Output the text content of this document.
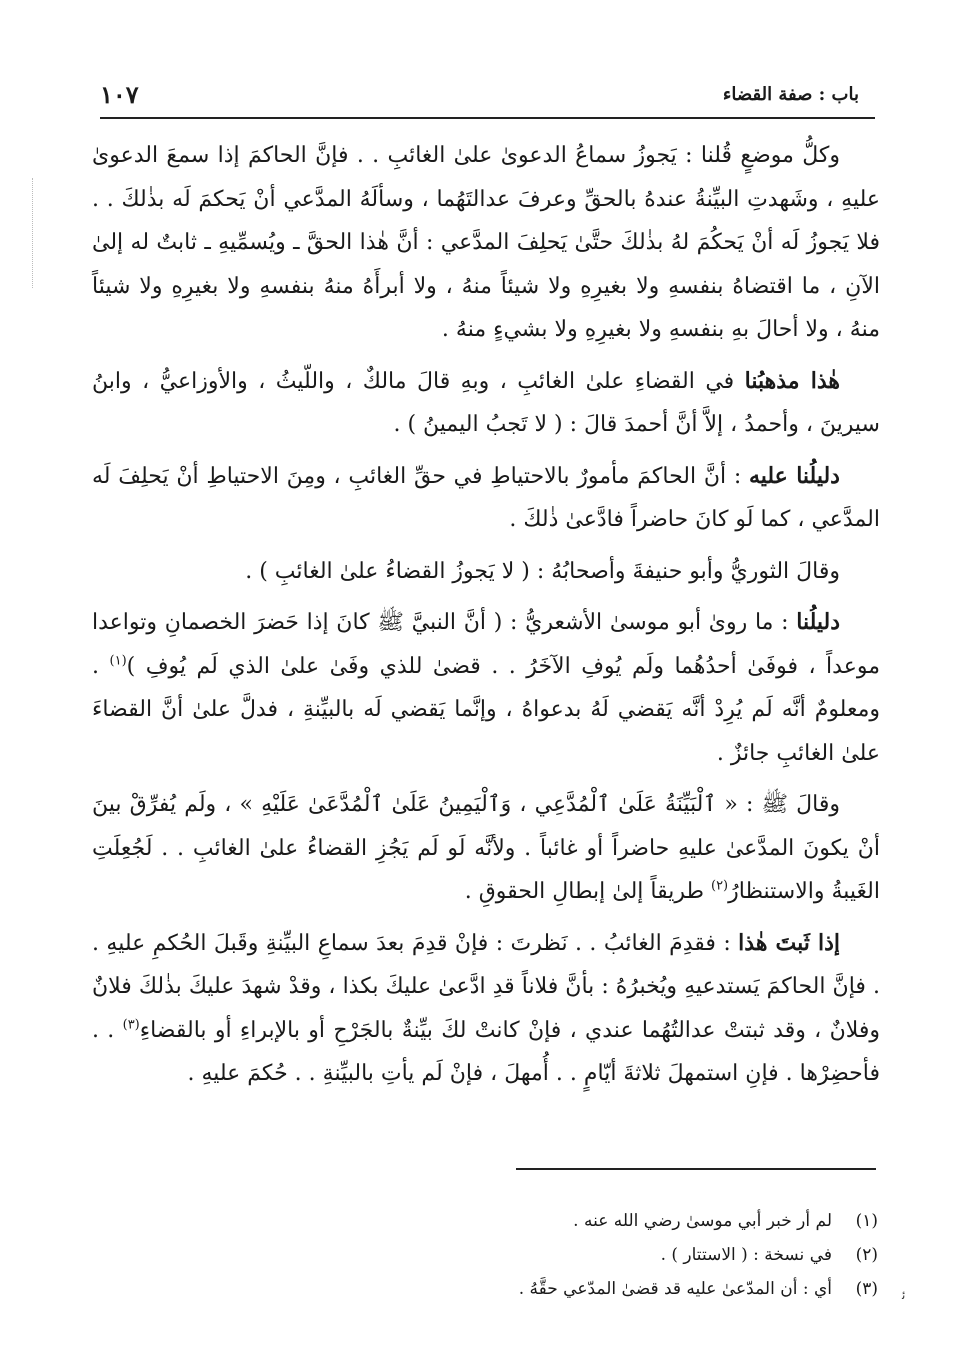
باب : صفة القضاء
١٠٧

وكلُّ موضعٍ قُلنا : يَجوزُ سماعُ الدعوىٰ علىٰ الغائبِ . . فإنَّ الحاكمَ إذا سمعَ الدعوىٰ عليهِ ، وشَهدتِ البيِّنةُ عندهُ بالحقِّ وعرفَ عدالتَهُما ، وسألَهُ المدَّعي أنْ يَحكمَ لَه بذٰلكَ . . فلا يَجوزُ لَه أنْ يَحكُمَ لهُ بذٰلكَ حتَّىٰ يَحلِفَ المدَّعي : أنَّ هٰذا الحقَّ ـ ويُسمِّيهِ ـ ثابتٌ له إلىٰ الآنِ ، ما اقتضاهُ بنفسهِ ولا بغيرِهِ ولا شيئاً منهُ ، ولا أبرأَهُ منهُ بنفسهِ ولا بغيرِهِ ولا شيئاً منهُ ، ولا أحالَ بهِ بنفسهِ ولا بغيرِهِ ولا بشيءٍ منهُ .

هٰذا مذهبُنا في القضاءِ علىٰ الغائبِ ، وبهِ قالَ مالكٌ ، واللّيثُ ، والأوزاعيُّ ، وابنُ سيرينَ ، وأحمدُ ، إلاَّ أنَّ أحمدَ قالَ : ( لا تَجبُ اليمينُ ) .

دليلُنا عليه : أنَّ الحاكمَ مأمورٌ بالاحتياطِ في حقِّ الغائبِ ، ومِنَ الاحتياطِ أنْ يَحلِفَ لَه المدَّعي ، كما لَو كانَ حاضراً فادَّعىٰ ذٰلكَ .

وقالَ الثوريُّ وأبو حنيفةَ وأصحابُهُ : ( لا يَجوزُ القضاءُ علىٰ الغائبِ ) .

دليلُنا : ما روىٰ أبو موسىٰ الأشعريُّ : ( أنَّ النبيَّ ﷺ كانَ إذا حَضرَ الخصمانِ وتواعدا موعداً ، فوفَىٰ أحدُهُما ولَم يُوفِ الآخَرُ . . قضىٰ للذي وفَىٰ علىٰ الذي لَم يُوفِ )$^{(١)}$ . ومعلومٌ أنَّه لَم يُرِدْ أنَّه يَقضي لَهُ بدعواهُ ، وإنَّما يَقضي لَه بالبيِّنةِ ، فدلَّ علىٰ أنَّ القضاءَ علىٰ الغائبِ جائزٌ .

وقالَ ﷺ : « ٱلْبَيِّنَةُ عَلَىٰ ٱلْمُدَّعِي ، وَٱلْيَمِينُ عَلَىٰ ٱلْمُدَّعَىٰ عَلَيْهِ » ، ولَم يُفرِّقْ بينَ أنْ يكونَ المدَّعىٰ عليهِ حاضراً أو غائباً . ولأنَّه لَو لَم يَجُزِ القضاءُ علىٰ الغائبِ . . لَجُعِلَتِ الغَيبةُ والاستنظارُ$^{(٢)}$ طريقاً إلىٰ إبطالِ الحقوقِ .

إذا ثَبتَ هٰذا : فقدِمَ الغائبُ . . نَظرتَ : فإنْ قدِمَ بعدَ سماعِ البيِّنةِ وقَبلَ الحُكمِ عليهِ . . فإنَّ الحاكمَ يَستدعيهِ ويُخبرُهُ : بأنَّ فلاناً قدِ ادَّعىٰ عليكَ بكذا ، وقدْ شهدَ عليكَ بذٰلكَ فلانٌ وفلانٌ ، وقد ثبتتْ عدالتُهُما عندي ، فإنْ كانتْ لكَ بيِّنةٌ بالجَرْحِ أو بالإبراءِ أو بالقضاءِ$^{(٣)}$ . . فأحضِرْها . فإنِ استمهلَ ثلاثةَ أيّامٍ . . أُمهلَ ، فإنْ لَم يأتِ بالبيِّنةِ . . حُكمَ عليهِ .

(١)
لم أر خبر أبي موسىٰ رضي الله عنه .
(٢)
في نسخة : ( الاستتار ) .
(٣)
أي : أن المدّعىٰ عليه قد قضىٰ المدّعي حقَّهُ .	ﺋ
